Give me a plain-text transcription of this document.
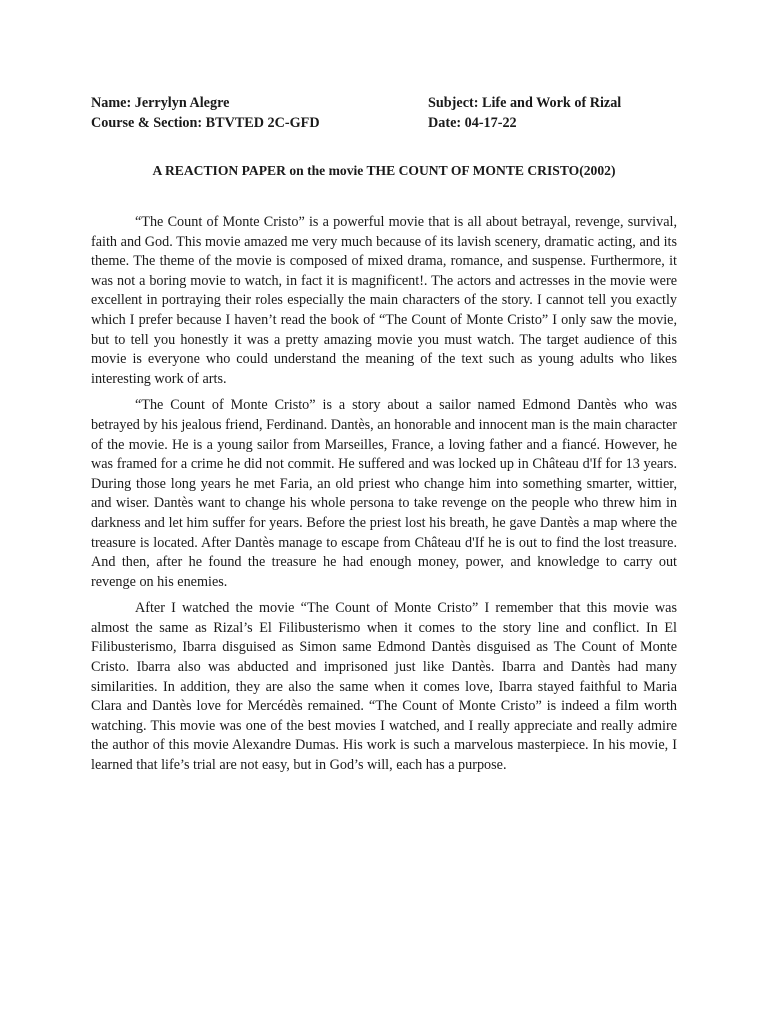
Name: Jerrylyn Alegre	Subject: Life and Work of Rizal
Course & Section: BTVTED 2C-GFD	Date: 04-17-22
A REACTION PAPER on the movie THE COUNT OF MONTE CRISTO(2002)

“The Count of Monte Cristo” is a powerful movie that is all about betrayal, revenge, survival, faith and God. This movie amazed me very much because of its lavish scenery, dramatic acting, and its theme. The theme of the movie is composed of mixed drama, romance, and suspense. Furthermore, it was not a boring movie to watch, in fact it is magnificent!. The actors and actresses in the movie were excellent in portraying their roles especially the main characters of the story. I cannot tell you exactly which I prefer because I haven’t read the book of “The Count of Monte Cristo” I only saw the movie, but to tell you honestly it was a pretty amazing movie you must watch. The target audience of this movie is everyone who could understand the meaning of the text such as young adults who likes interesting work of arts.

“The Count of Monte Cristo” is a story about a sailor named Edmond Dantès who was betrayed by his jealous friend, Ferdinand. Dantès, an honorable and innocent man is the main character of the movie. He is a young sailor from Marseilles, France, a loving father and a fiancé. However, he was framed for a crime he did not commit. He suffered and was locked up in Château d'If for 13 years. During those long years he met Faria, an old priest who change him into something smarter, wittier, and wiser. Dantès want to change his whole persona to take revenge on the people who threw him in darkness and let him suffer for years. Before the priest lost his breath, he gave Dantès a map where the treasure is located. After Dantès manage to escape from Château d'If he is out to find the lost treasure. And then, after he found the treasure he had enough money, power, and knowledge to carry out revenge on his enemies.

After I watched the movie “The Count of Monte Cristo” I remember that this movie was almost the same as Rizal’s El Filibusterismo when it comes to the story line and conflict. In El Filibusterismo, Ibarra disguised as Simon same Edmond Dantès disguised as The Count of Monte Cristo. Ibarra also was abducted and imprisoned just like Dantès. Ibarra and Dantès had many similarities. In addition, they are also the same when it comes love, Ibarra stayed faithful to Maria Clara and Dantès love for Mercédès remained. “The Count of Monte Cristo” is indeed a film worth watching. This movie was one of the best movies I watched, and I really appreciate and really admire the author of this movie Alexandre Dumas. His work is such a marvelous masterpiece. In his movie, I learned that life’s trial are not easy, but in God’s will, each has a purpose.
